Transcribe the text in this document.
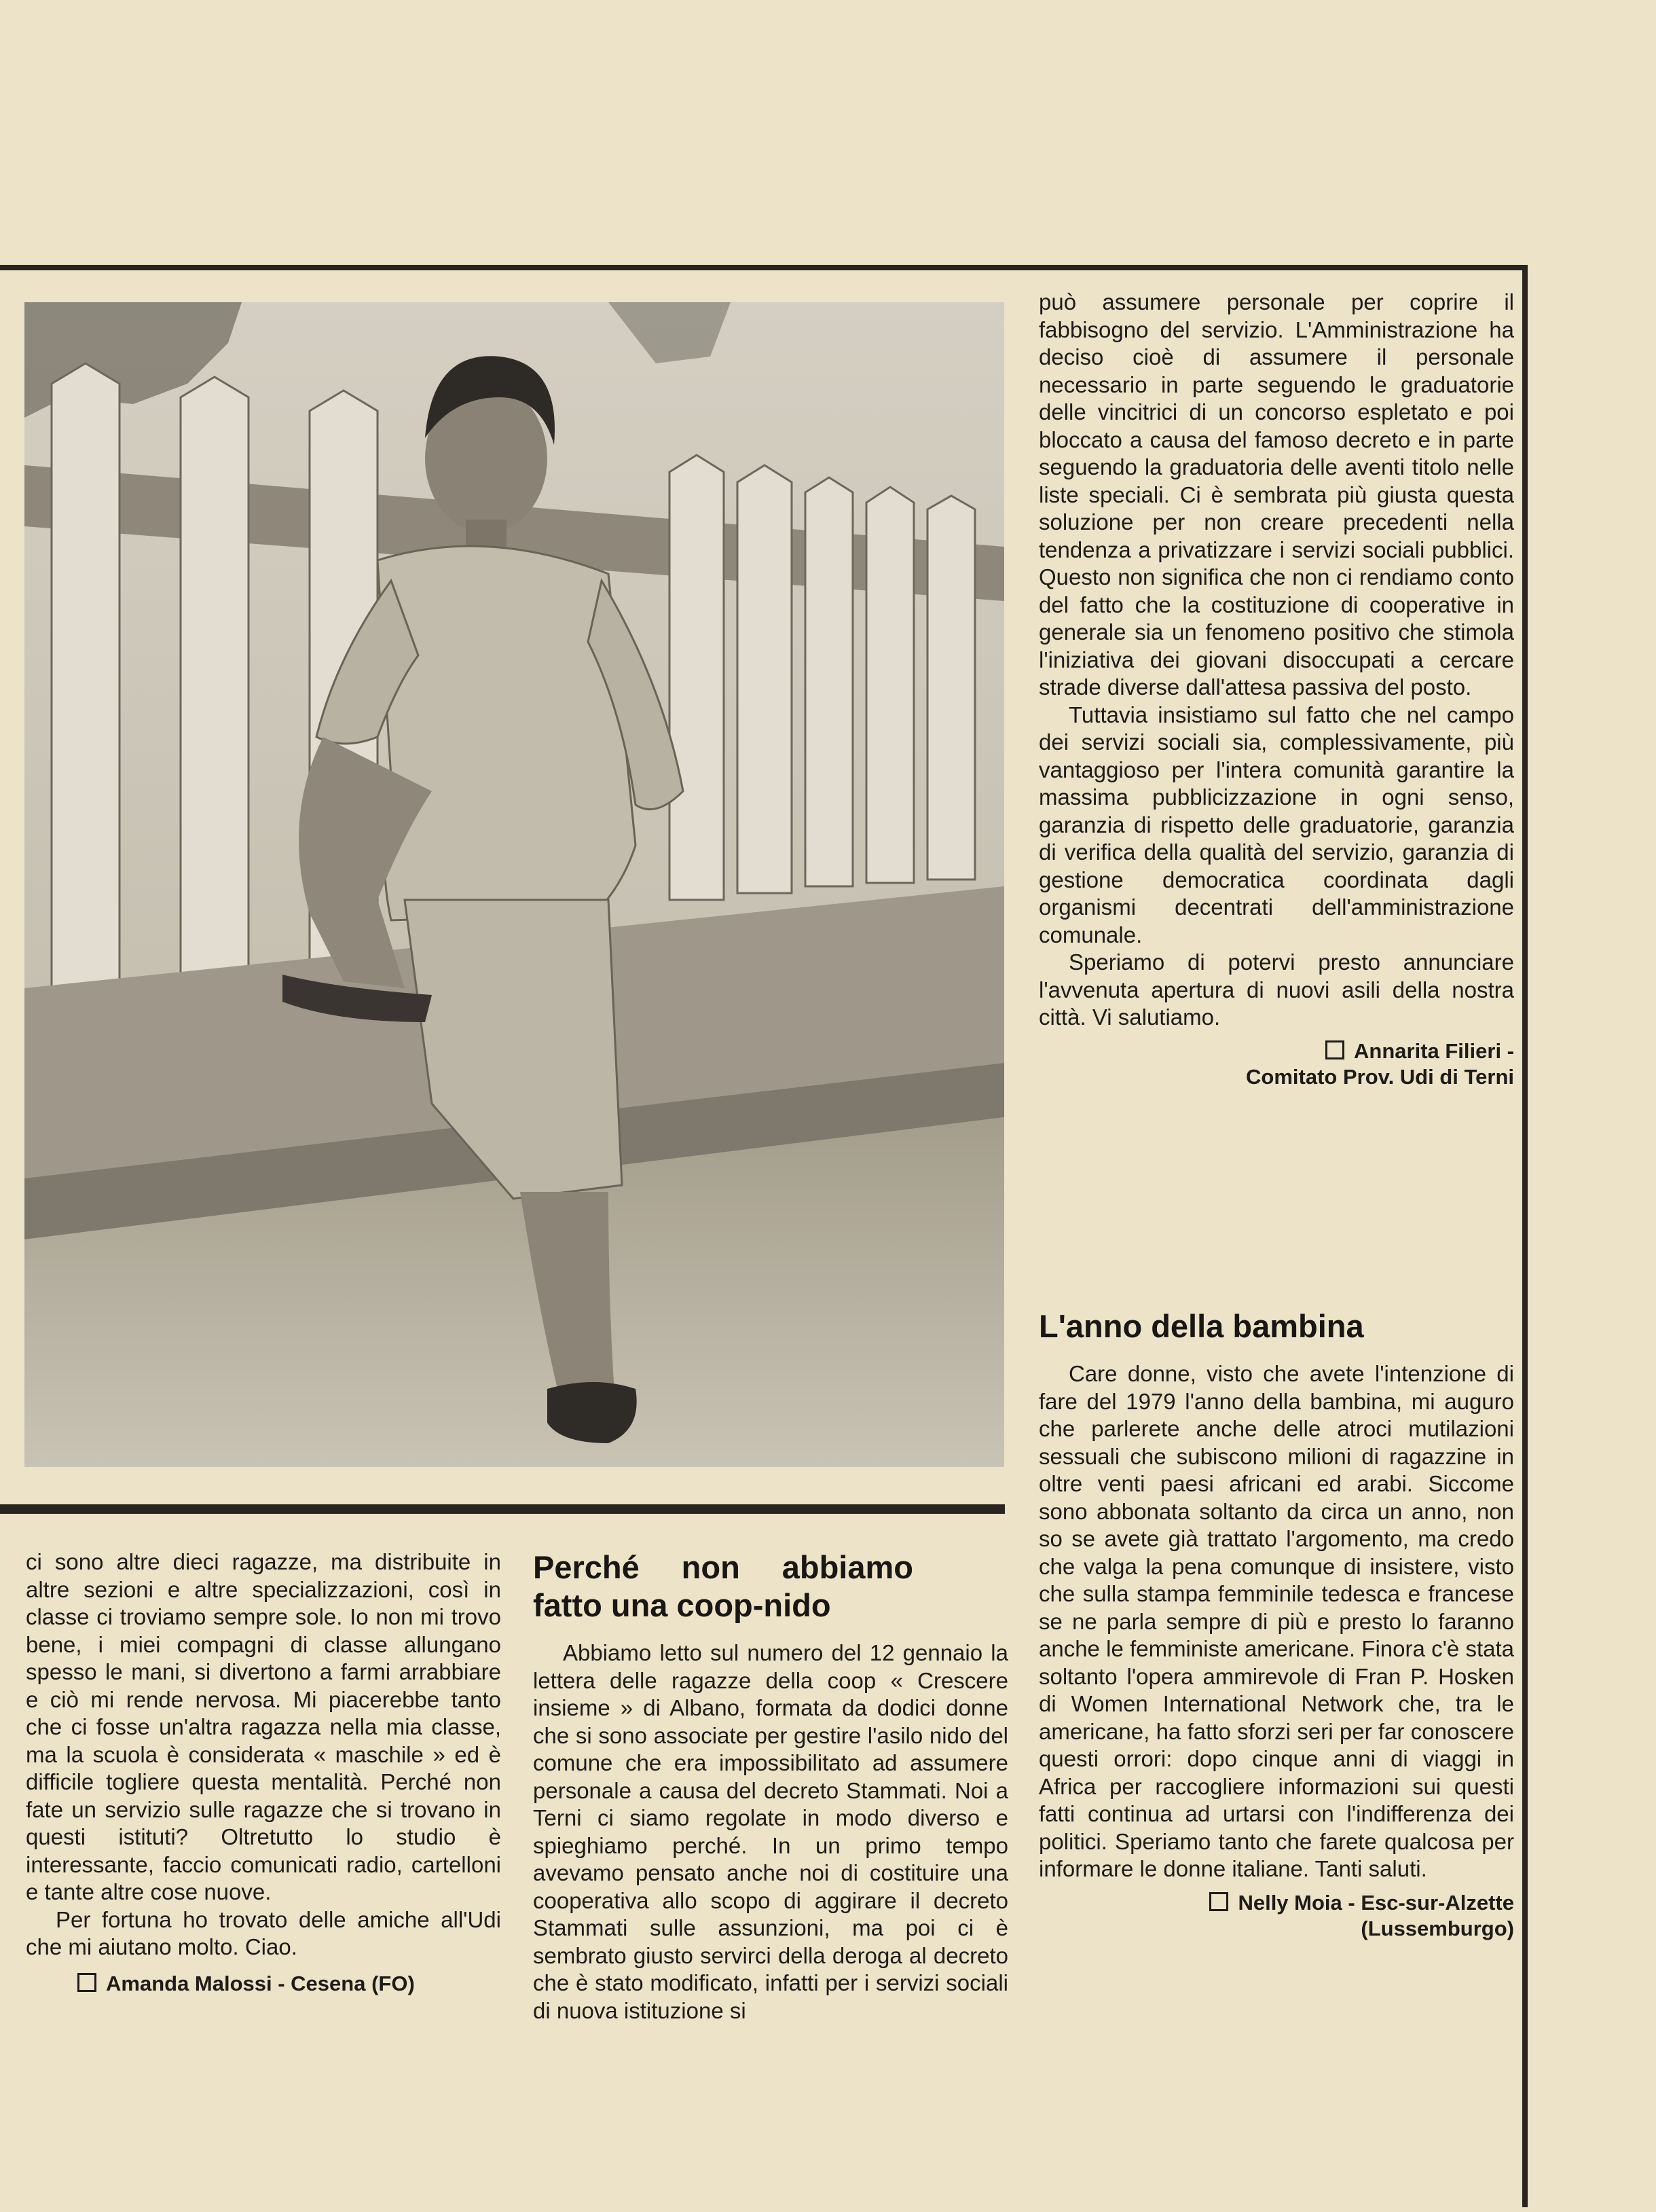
può assumere personale per coprire il fabbisogno del servizio. L'Amministrazione ha deciso cioè di assumere il personale necessario in parte seguendo le graduatorie delle vincitrici di un concorso espletato e poi bloccato a causa del famoso decreto e in parte seguendo la graduatoria delle aventi titolo nelle liste speciali. Ci è sembrata più giusta questa soluzione per non creare precedenti nella tendenza a privatizzare i servizi sociali pubblici. Questo non significa che non ci rendiamo conto del fatto che la costituzione di cooperative in generale sia un fenomeno positivo che stimola l'iniziativa dei giovani disoccupati a cercare strade diverse dall'attesa passiva del posto.

Tuttavia insistiamo sul fatto che nel campo dei servizi sociali sia, complessivamente, più vantaggioso per l'intera comunità garantire la massima pubblicizzazione in ogni senso, garanzia di rispetto delle graduatorie, garanzia di verifica della qualità del servizio, garanzia di gestione democratica coordinata dagli organismi decentrati dell'amministrazione comunale.

Speriamo di potervi presto annunciare l'avvenuta apertura di nuovi asili della nostra città. Vi salutiamo.

Annarita Filieri -
Comitato Prov. Udi di Terni
L'anno della bambina

Care donne, visto che avete l'intenzione di fare del 1979 l'anno della bambina, mi auguro che parlerete anche delle atroci mutilazioni sessuali che subiscono milioni di ragazzine in oltre venti paesi africani ed arabi. Siccome sono abbonata soltanto da circa un anno, non so se avete già trattato l'argomento, ma credo che valga la pena comunque di insistere, visto che sulla stampa femminile tedesca e francese se ne parla sempre di più e presto lo faranno anche le femministe americane. Finora c'è stata soltanto l'opera ammirevole di Fran P. Hosken di Women International Network che, tra le americane, ha fatto sforzi seri per far conoscere questi orrori: dopo cinque anni di viaggi in Africa per raccogliere informazioni sui questi fatti continua ad urtarsi con l'indifferenza dei politici. Speriamo tanto che farete qualcosa per informare le donne italiane. Tanti saluti.

Nelly Moia - Esc-sur-Alzette
(Lussemburgo)

ci sono altre dieci ragazze, ma distribuite in altre sezioni e altre specializzazioni, così in classe ci troviamo sempre sole. Io non mi trovo bene, i miei compagni di classe allungano spesso le mani, si divertono a farmi arrabbiare e ciò mi rende nervosa. Mi piacerebbe tanto che ci fosse un'altra ragazza nella mia classe, ma la scuola è considerata « maschile » ed è difficile togliere questa mentalità. Perché non fate un servizio sulle ragazze che si trovano in questi istituti? Oltretutto lo studio è interessante, faccio comunicati radio, cartelloni e tante altre cose nuove.

Per fortuna ho trovato delle amiche all'Udi che mi aiutano molto. Ciao.

Amanda Malossi - Cesena (FO)
Perché non abbiamo fatto una coop-nido

Abbiamo letto sul numero del 12 gennaio la lettera delle ragazze della coop « Crescere insieme » di Albano, formata da dodici donne che si sono associate per gestire l'asilo nido del comune che era impossibilitato ad assumere personale a causa del decreto Stammati. Noi a Terni ci siamo regolate in modo diverso e spieghiamo perché. In un primo tempo avevamo pensato anche noi di costituire una cooperativa allo scopo di aggirare il decreto Stammati sulle assunzioni, ma poi ci è sembrato giusto servirci della deroga al decreto che è stato modificato, infatti per i servizi sociali di nuova istituzione si
